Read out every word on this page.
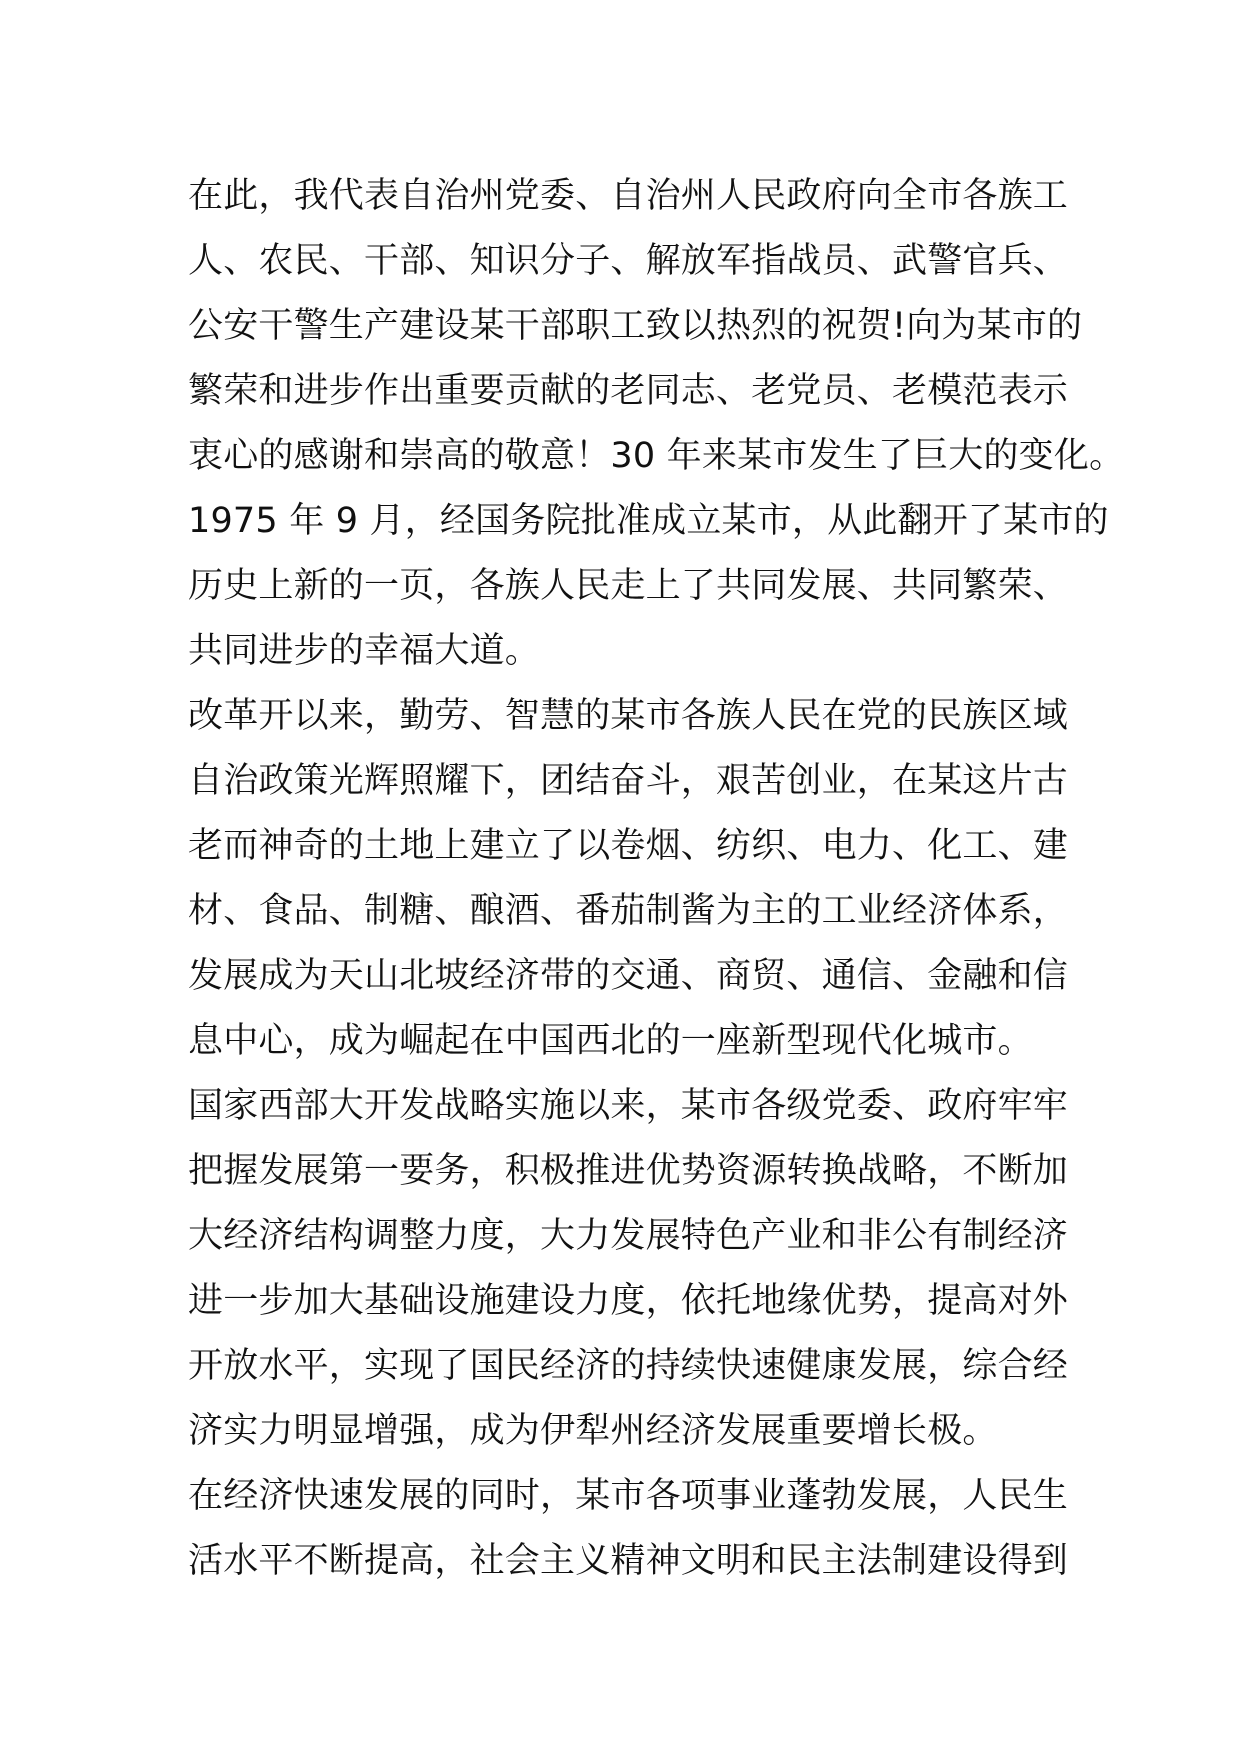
在此，我代表自治州党委、自治州人民政府向全市各族工
人、农民、干部、知识分子、解放军指战员、武警官兵、
公安干警生产建设某干部职工致以热烈的祝贺!向为某市的
繁荣和进步作出重要贡献的老同志、老党员、老模范表示
衷心的感谢和崇高的敬意！30 年来某市发生了巨大的变化。
1975 年 9 月，经国务院批准成立某市，从此翻开了某市的
历史上新的一页，各族人民走上了共同发展、共同繁荣、
共同进步的幸福大道。
改革开以来，勤劳、智慧的某市各族人民在党的民族区域
自治政策光辉照耀下，团结奋斗，艰苦创业，在某这片古
老而神奇的土地上建立了以卷烟、纺织、电力、化工、建
材、食品、制糖、酿酒、番茄制酱为主的工业经济体系，
发展成为天山北坡经济带的交通、商贸、通信、金融和信
息中心，成为崛起在中国西北的一座新型现代化城市。
国家西部大开发战略实施以来，某市各级党委、政府牢牢
把握发展第一要务，积极推进优势资源转换战略，不断加
大经济结构调整力度，大力发展特色产业和非公有制经济
进一步加大基础设施建设力度，依托地缘优势，提高对外
开放水平，实现了国民经济的持续快速健康发展，综合经
济实力明显增强，成为伊犁州经济发展重要增长极。
在经济快速发展的同时，某市各项事业蓬勃发展，人民生
活水平不断提高，社会主义精神文明和民主法制建设得到
